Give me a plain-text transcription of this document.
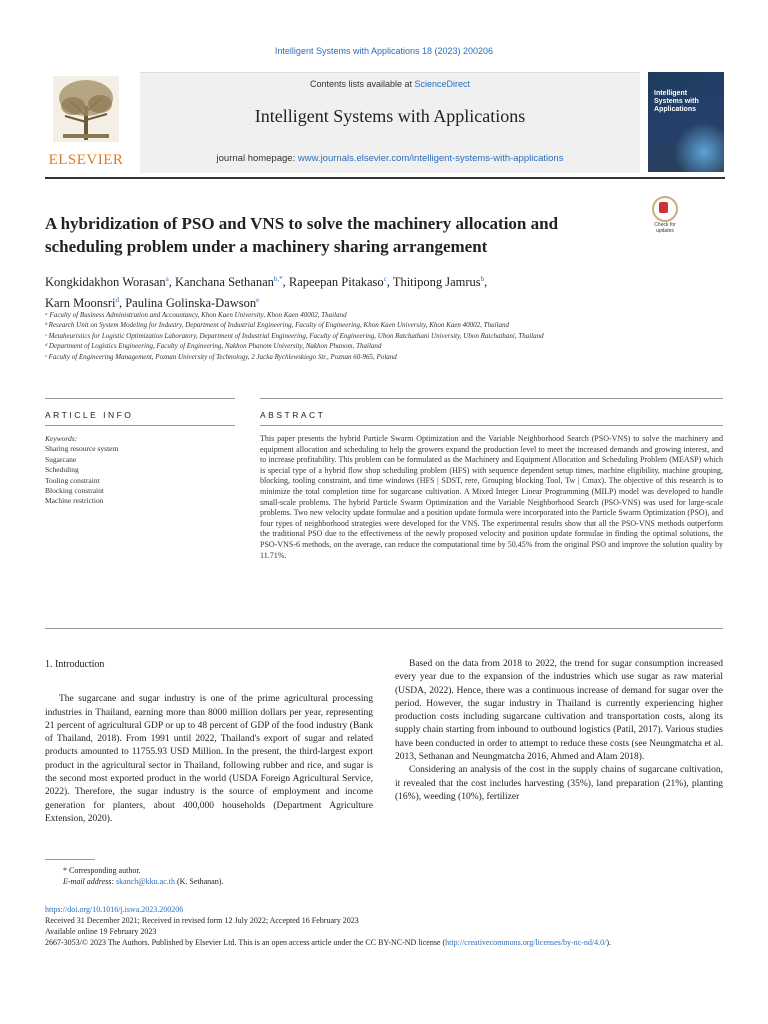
Intelligent Systems with Applications 18 (2023) 200206
ELSEVIER
Contents lists available at ScienceDirect
Intelligent Systems with Applications
journal homepage: www.journals.elsevier.com/intelligent-systems-with-applications
Intelligent Systems with Applications
A hybridization of PSO and VNS to solve the machinery allocation and scheduling problem under a machinery sharing arrangement
Check for updates
Kongkidakhon Worasan$^a$, Kanchana Sethanan$^{b,*}$, Rapeepan Pitakaso$^c$, Thitipong Jamrus$^b$,
Karn Moonsri$^d$, Paulina Golinska-Dawson$^e$
ᵃ Faculty of Business Administration and Accountancy, Khon Kaen University, Khon Kaen 40002, Thailand
ᵇ Research Unit on System Modeling for Industry, Department of Industrial Engineering, Faculty of Engineering, Khon Kaen University, Khon Kaen 40002, Thailand
ᶜ Metaheuristics for Logistic Optimization Laboratory, Department of Industrial Engineering, Faculty of Engineering, Ubon Ratchathani University, Ubon Ratchathani, Thailand
ᵈ Department of Logistics Engineering, Faculty of Engineering, Nakhon Phanom University, Nakhon Phanom, Thailand
ᵉ Faculty of Engineering Management, Poznan University of Technology, 2 Jacka Rychlewskiego Str., Poznan 60-965, Poland
ARTICLE INFO	ABSTRACT
Keywords:
Sharing resource system
Sugarcane
Scheduling
Tooling constraint
Blocking constraint
Machine restriction
This paper presents the hybrid Particle Swarm Optimization and the Variable Neighborhood Search (PSO-VNS) to solve the machinery and equipment allocation and scheduling to help the growers expand the production level to meet the increased demands and growing interest, and to increase profitability. This problem can be formulated as the Machinery and Equipment Allocation and Scheduling Problem (MEASP) which is special type of a hybrid flow shop scheduling problem (HFS) with sequence dependent setup times, machine eligibility, machine grouping, blocking, tooling constraint, and time windows (HFS | SDST, rere, Grouping blocking Tool, Tw | Cmax). The objective of this research is to minimize the total completion time for sugarcane cultivation. A Mixed Integer Linear Programming (MILP) model was developed to handle small-scale problems. The hybrid Particle Swarm Optimization and the Variable Neighborhood Search (PSO-VNS) was used for large-scale problems. Two new velocity update formulae and a position update formula were incorporated into the Particle Swarm Optimization (PSO), and four types of neighborhood strategies were developed for the VNS. The experimental results show that all the PSO-VNS methods outperform the traditional PSO due to the effectiveness of the newly proposed velocity and position update formulae in finding the optimal solutions, the PSO-VNS-6 methods, on the average, can reduce the computational time by 50.45% from the original PSO and improve the solution quality by 11.71%.
1. Introduction

The sugarcane and sugar industry is one of the prime agricultural processing industries in Thailand, earning more than 8000 million dollars per year, representing 21 percent of agricultural GDP or up to 48 percent of GDP of the food industry (Bank of Thailand, 2018). From 1991 until 2022, Thailand's export of sugar and related products amounted to 11755.93 USD Million. In the present, the third-largest export product in the agricultural sector in Thailand, following rubber and rice, and sugar is the second most exported product in the world (USDA Foreign Agricultural Service, 2022). Therefore, the sugar industry is the source of employment and income generation for planters, about 400,000 households (Department Agriculture Extension, 2020).

Based on the data from 2018 to 2022, the trend for sugar consumption increased every year due to the expansion of the industries which use sugar as raw material (USDA, 2022). Hence, there was a continuous increase of demand for sugar over the period. However, the sugar industry in Thailand is currently experiencing higher production costs including sugarcane cultivation and transportation costs, along its supply chain starting from inbound to outbound logistics (Patil, 2017). Various studies have been conducted in order to attempt to reduce these costs (see Neungmatcha et al. 2013, Sethanan and Neungmatcha 2016, Ahmed and Alam 2018).

Considering an analysis of the cost in the supply chains of sugarcane cultivation, it revealed that the cost includes harvesting (35%), land preparation (21%), planting (16%), weeding (10%), fertilizer

* Corresponding author.
E-mail address: skanch@kku.ac.th (K. Sethanan).
https://doi.org/10.1016/j.iswa.2023.200206
Received 31 December 2021; Received in revised form 12 July 2022; Accepted 16 February 2023
Available online 19 February 2023
2667-3053/© 2023 The Authors. Published by Elsevier Ltd. This is an open access article under the CC BY-NC-ND license (http://creativecommons.org/licenses/by-nc-nd/4.0/).
